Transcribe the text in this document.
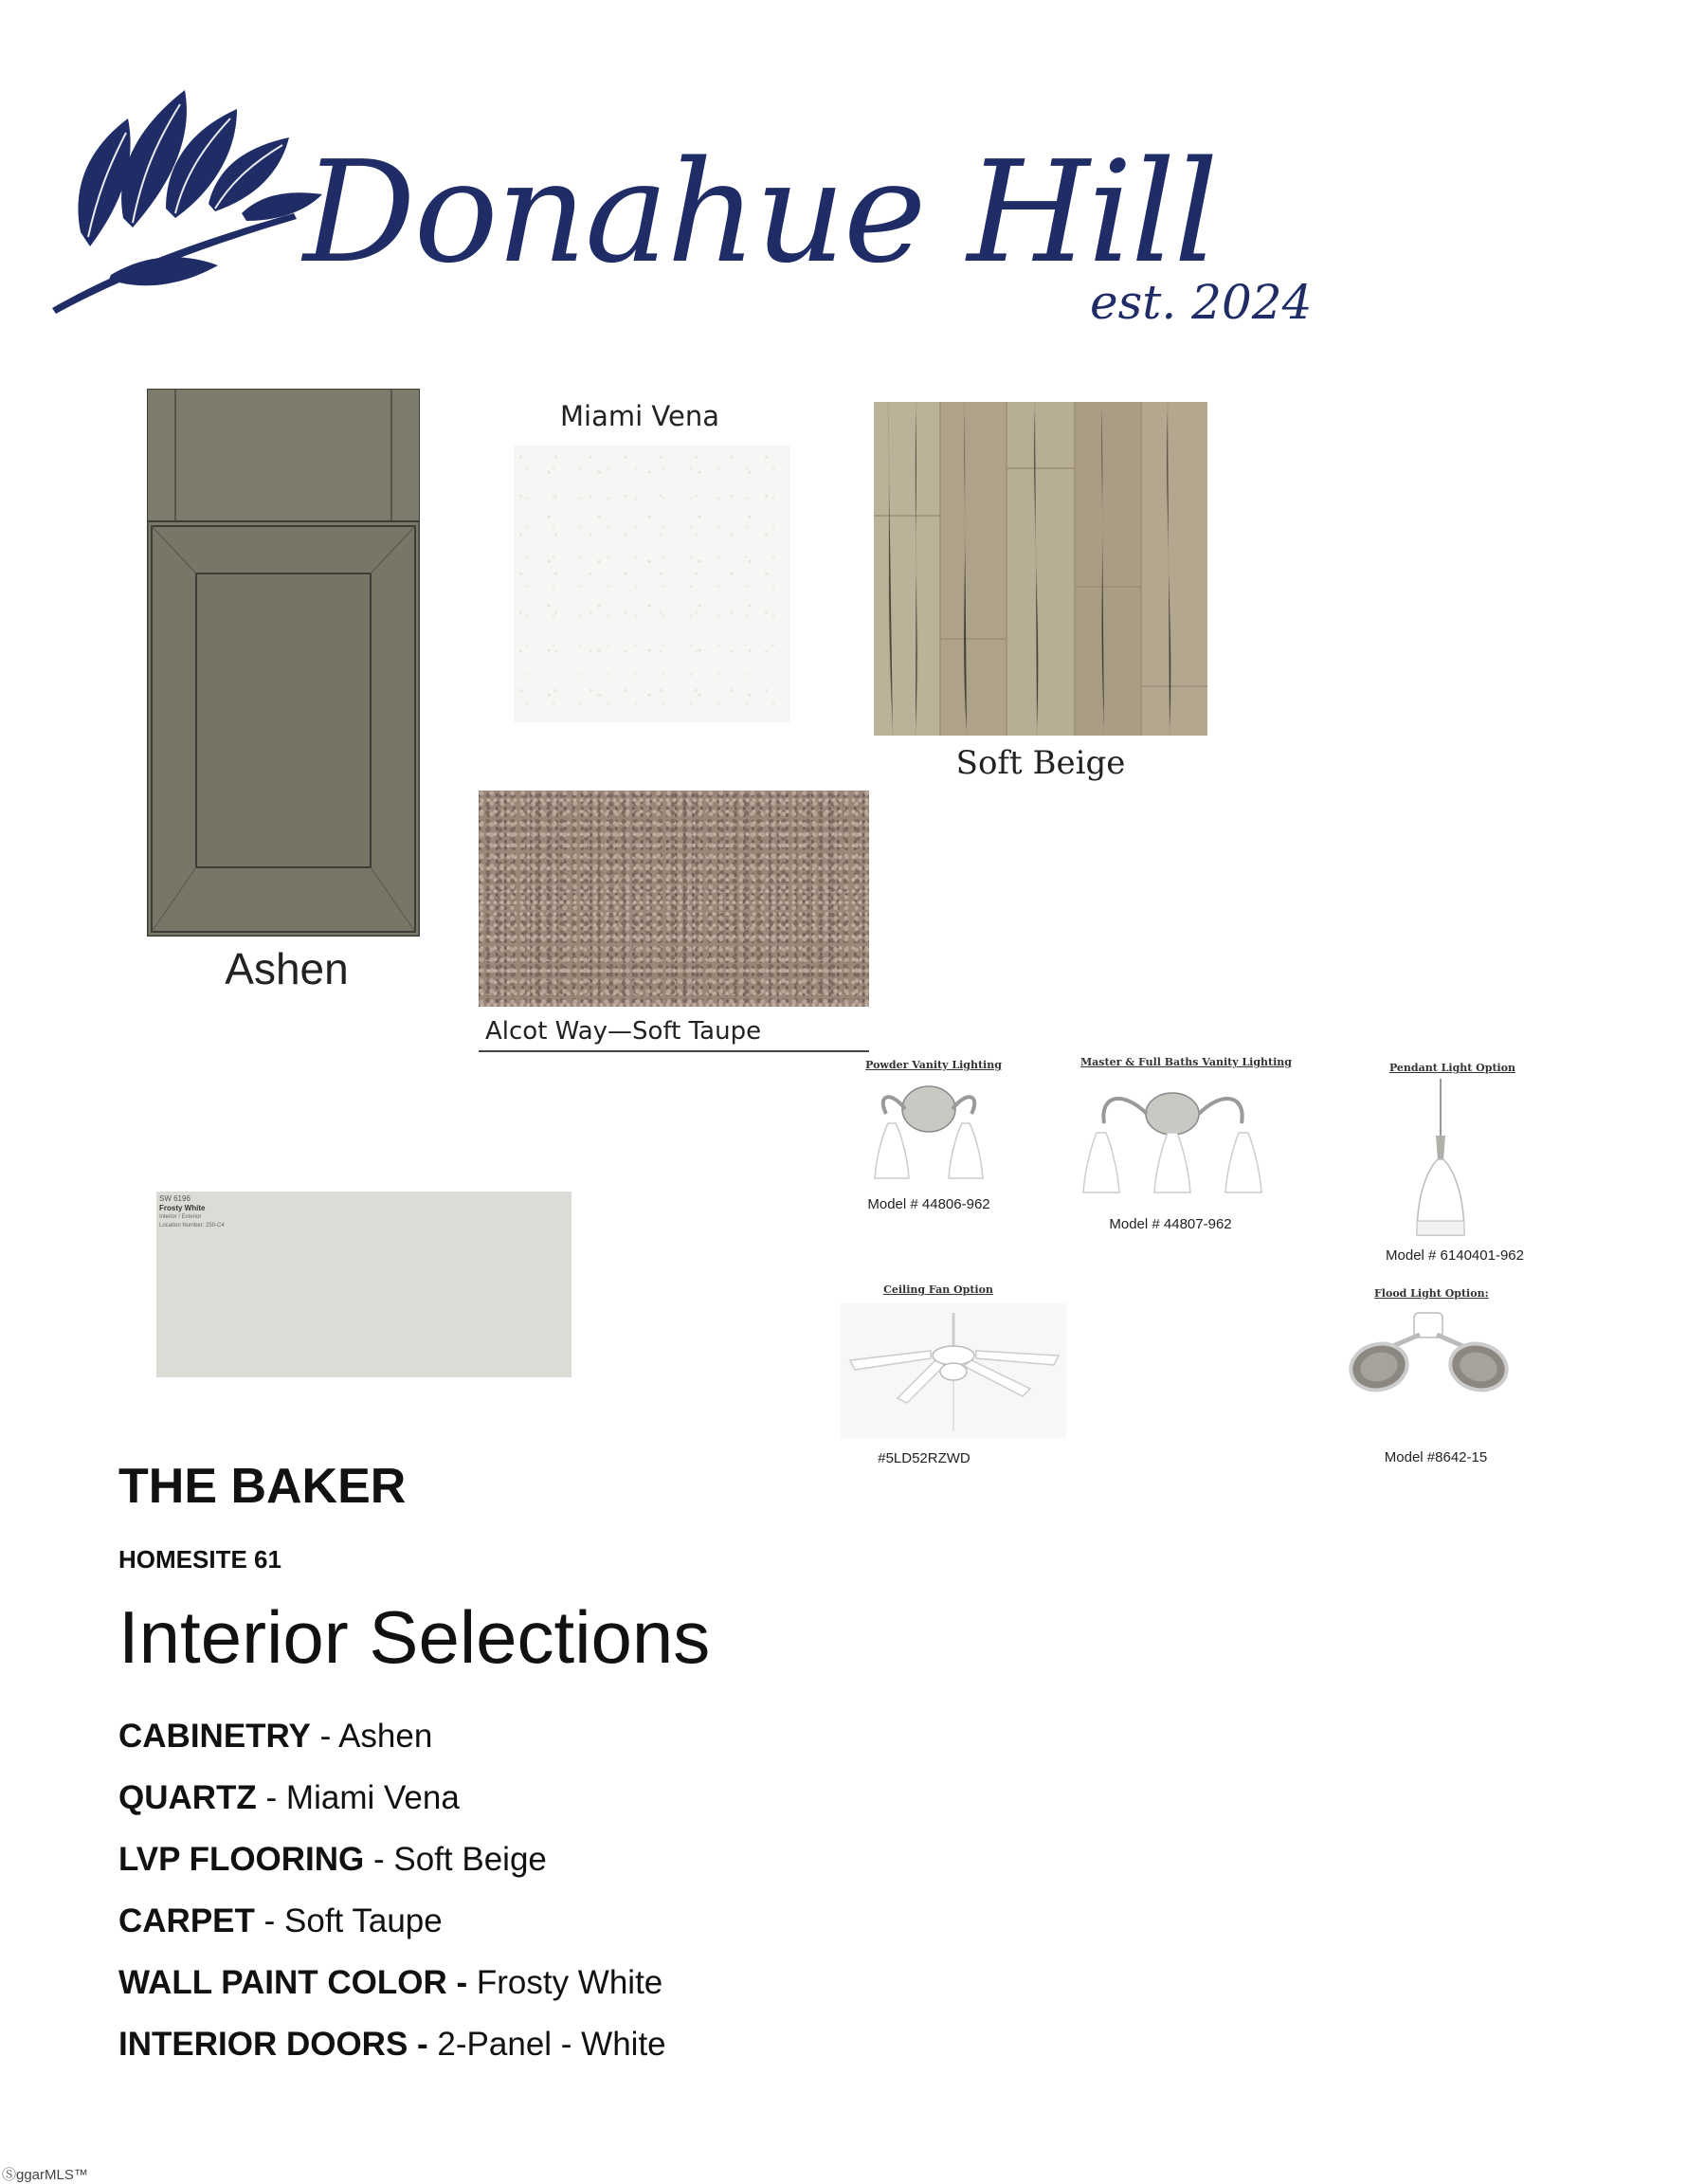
Donahue Hill
est. 2024
Ashen
Miami Vena
Soft Beige
Alcot Way—Soft Taupe
SW 6196
Frosty White
Interior / Exterior
Location Number: 250-C4
Powder Vanity Lighting
Model # 44806-962
Master & Full Baths Vanity Lighting
Model # 44807-962
Pendant Light Option
Model # 6140401-962
Ceiling Fan Option
#5LD52RZWD
Flood Light Option:
Model #8642-15
THE BAKER
HOMESITE 61
Interior Selections
CABINETRY - Ashen
QUARTZ - Miami Vena
LVP FLOORING - Soft Beige
CARPET - Soft Taupe
WALL PAINT COLOR - Frosty White
INTERIOR DOORS - 2-Panel - White
ⓈggarMLS™
